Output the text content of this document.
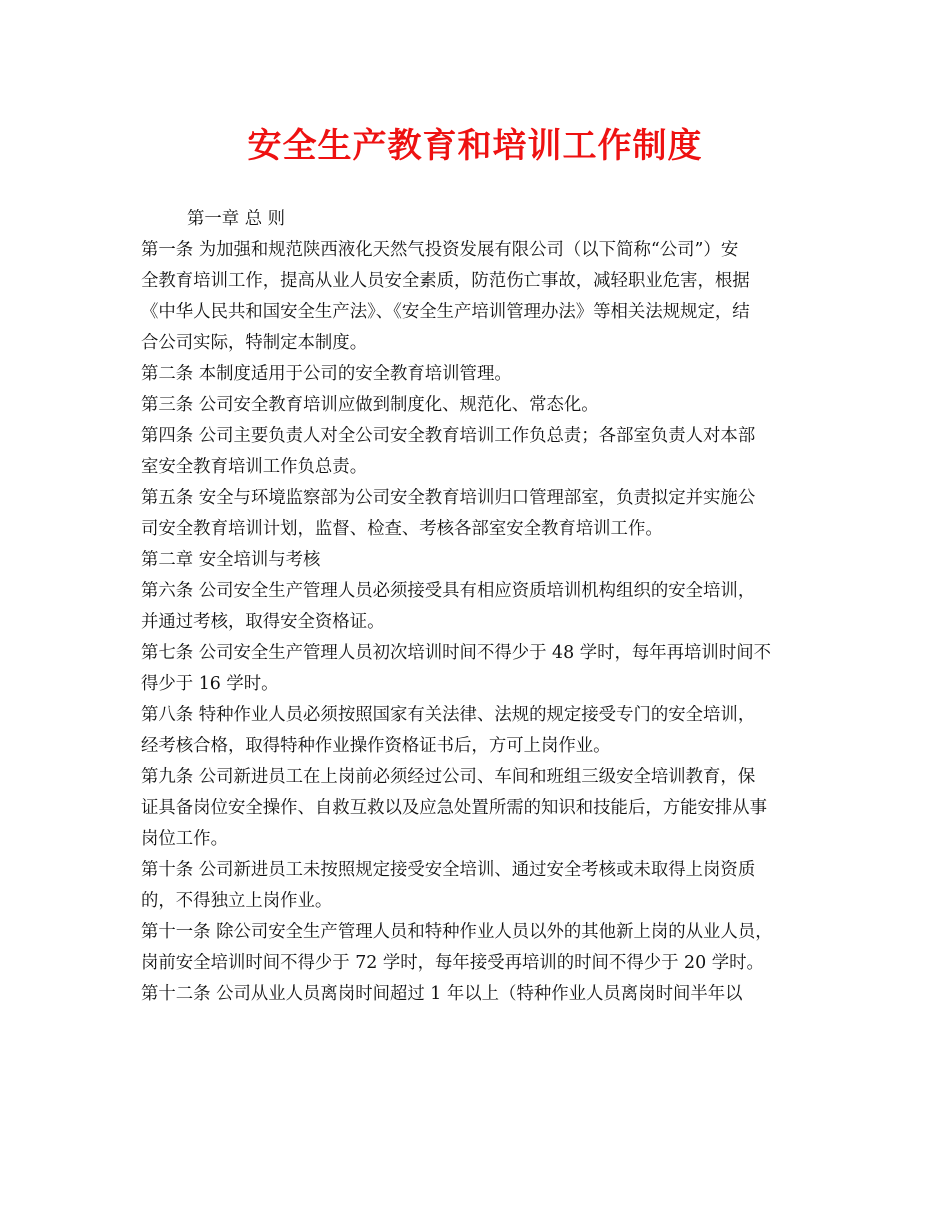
安全生产教育和培训工作制度
第一章 总 则
第一条 为加强和规范陕西液化天然气投资发展有限公司（以下简称“公司”）安
全教育培训工作，提高从业人员安全素质，防范伤亡事故，减轻职业危害，根据
《中华人民共和国安全生产法》、《安全生产培训管理办法》等相关法规规定，结
合公司实际，特制定本制度。
第二条 本制度适用于公司的安全教育培训管理。
第三条 公司安全教育培训应做到制度化、规范化、常态化。
第四条 公司主要负责人对全公司安全教育培训工作负总责；各部室负责人对本部
室安全教育培训工作负总责。
第五条 安全与环境监察部为公司安全教育培训归口管理部室，负责拟定并实施公
司安全教育培训计划，监督、检查、考核各部室安全教育培训工作。
第二章 安全培训与考核
第六条 公司安全生产管理人员必须接受具有相应资质培训机构组织的安全培训，
并通过考核，取得安全资格证。
第七条 公司安全生产管理人员初次培训时间不得少于 48 学时，每年再培训时间不
得少于 16 学时。
第八条 特种作业人员必须按照国家有关法律、法规的规定接受专门的安全培训，
经考核合格，取得特种作业操作资格证书后，方可上岗作业。
第九条 公司新进员工在上岗前必须经过公司、车间和班组三级安全培训教育，保
证具备岗位安全操作、自救互救以及应急处置所需的知识和技能后，方能安排从事
岗位工作。
第十条 公司新进员工未按照规定接受安全培训、通过安全考核或未取得上岗资质
的，不得独立上岗作业。
第十一条 除公司安全生产管理人员和特种作业人员以外的其他新上岗的从业人员，
岗前安全培训时间不得少于 72 学时，每年接受再培训的时间不得少于 20 学时。
第十二条 公司从业人员离岗时间超过 1 年以上（特种作业人员离岗时间半年以
